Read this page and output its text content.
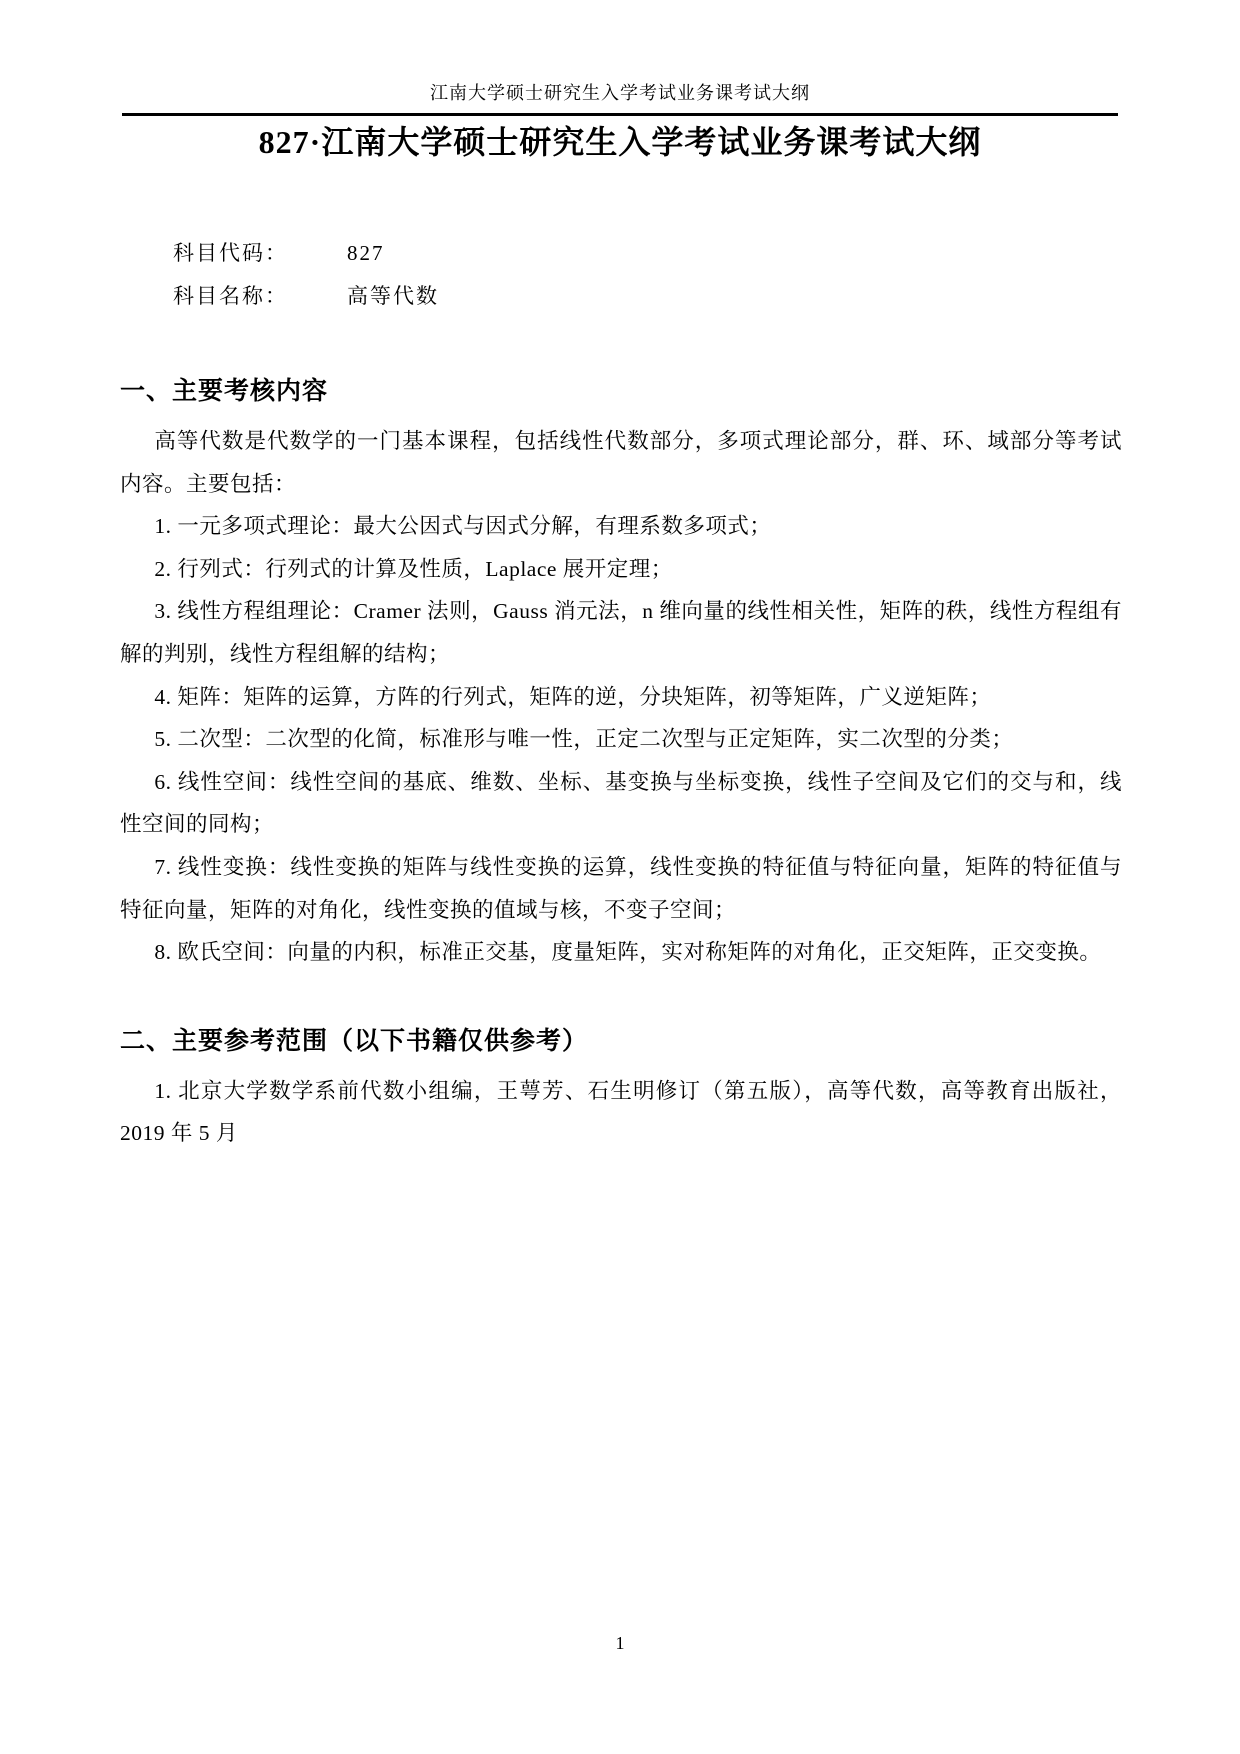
江南大学硕士研究生入学考试业务课考试大纲
827·江南大学硕士研究生入学考试业务课考试大纲
科目代码：	827
科目名称：	高等代数
一、主要考核内容

高等代数是代数学的一门基本课程，包括线性代数部分，多项式理论部分，群、环、域部分等考试内容。主要包括：

1. 一元多项式理论：最大公因式与因式分解，有理系数多项式；

2. 行列式：行列式的计算及性质，Laplace 展开定理；

3. 线性方程组理论：Cramer 法则，Gauss 消元法，n 维向量的线性相关性，矩阵的秩，线性方程组有解的判别，线性方程组解的结构；

4. 矩阵：矩阵的运算，方阵的行列式，矩阵的逆，分块矩阵，初等矩阵，广义逆矩阵；

5. 二次型：二次型的化简，标准形与唯一性，正定二次型与正定矩阵，实二次型的分类；

6. 线性空间：线性空间的基底、维数、坐标、基变换与坐标变换，线性子空间及它们的交与和，线性空间的同构；

7. 线性变换：线性变换的矩阵与线性变换的运算，线性变换的特征值与特征向量，矩阵的特征值与特征向量，矩阵的对角化，线性变换的值域与核，不变子空间；

8. 欧氏空间：向量的内积，标准正交基，度量矩阵，实对称矩阵的对角化，正交矩阵，正交变换。

二、主要参考范围（以下书籍仅供参考）

1. 北京大学数学系前代数小组编，王萼芳、石生明修订（第五版），高等代数，高等教育出版社， 2019 年 5 月

1
